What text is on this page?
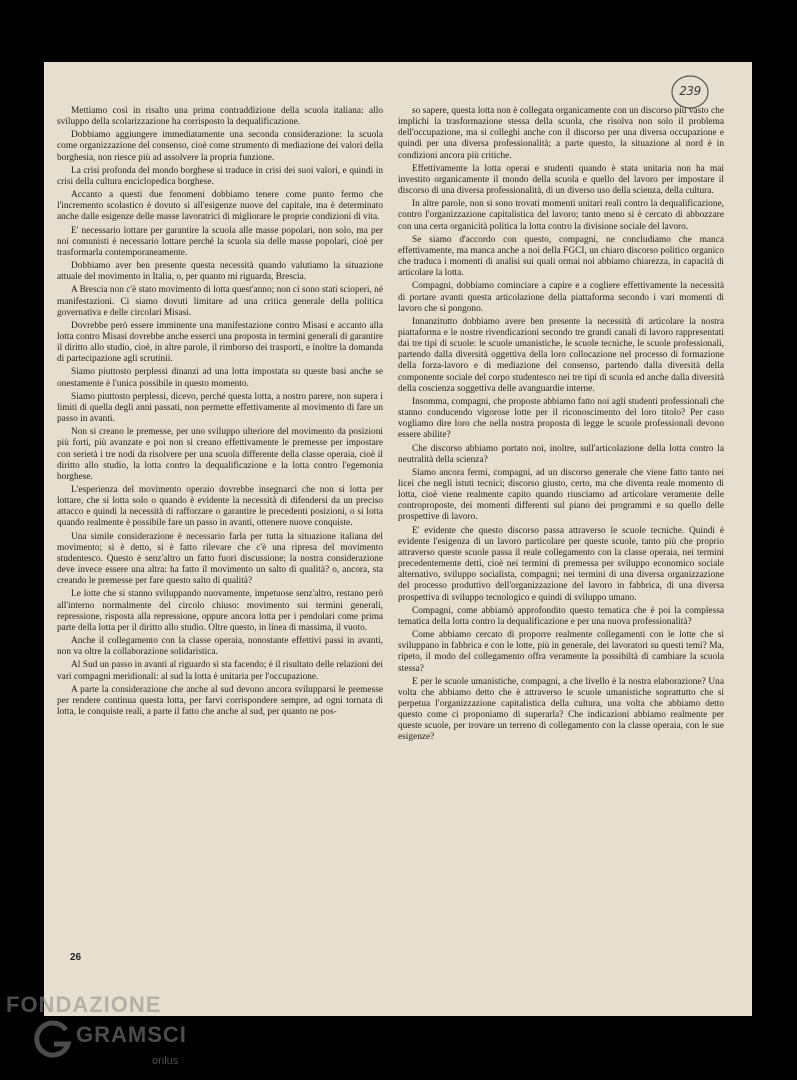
239

Mettiamo così in risalto una prima contraddizione della scuola italiana: allo sviluppo della scolarizzazione ha corrisposto la dequalificazione.

Dobbiamo aggiungere immediatamente una seconda considerazione: la scuola come organizzazione del consenso, cioè come strumento di mediazione dei valori della borghesia, non riesce più ad assolvere la propria funzione.

La crisi profonda del mondo borghese si traduce in crisi dei suoi valori, e quindi in crisi della cultura enciclopedica borghese.

Accanto a questi due fenomeni dobbiamo tenere come punto fermo che l'incremento scolastico è dovuto sì all'esigenze nuove del capitale, ma è determinato anche dalle esigenze delle masse lavoratrici di migliorare le proprie condizioni di vita.

E' necessario lottare per garantire la scuola alle masse popolari, non solo, ma per noi comunisti è necessario lottare perché la scuola sia delle masse popolari, cioè per trasformarla contemporaneamente.

Dobbiamo aver ben presente questa necessità quando valutiamo la situazione attuale del movimento in Italia, o, per quanto mi riguarda, Brescia.

A Brescia non c'è stato movimento di lotta quest'anno; non ci sono stati scioperi, né manifestazioni. Ci siamo dovuti limitare ad una critica generale della politica governativa e delle circolari Misasi.

Dovrebbe però essere imminente una manifestazione contro Misasi e accanto alla lotta contro Misasi dovrebbe anche esserci una proposta in termini generali di garantire il diritto allo studio, cioè, in altre parole, il rimborso dei trasporti, e inoltre la domanda di partecipazione agli scrutinii.

Siamo piuttosto perplessi dinanzi ad una lotta impostata su queste basi anche se onestamente è l'unica possibile in questo momento.

Siamo piuttosto perplessi, dicevo, perché questa lotta, a nostro parere, non supera i limiti di quella degli anni passati, non permette effettivamente al movimento di fare un passo in avanti.

Non si creano le premesse, per uno sviluppo ulteriore del movimento da posizioni più forti, più avanzate e poi non si creano effettivamente le premesse per impostare con serietà i tre nodi da risolvere per una scuola differente della classe operaia, cioè il diritto allo studio, la lotta contro la dequalificazione e la lotta contro l'egemonia borghese.

L'esperienza del movimento operaio dovrebbe insegnarci che non si lotta per lottare, che si lotta solo o quando è evidente la necessità di difendersi da un preciso attacco e quindi la necessità di rafforzare o garantire le precedenti posizioni, o si lotta quando realmente è possibile fare un passo in avanti, ottenere nuove conquiste.

Una simile considerazione è necessario farla per tutta la situazione italiana del movimento; si è detto, si è fatto rilevare che c'è una ripresa del movimento studentesco. Questo è senz'altro un fatto fuori discussione; la nostra considerazione deve invece essere una altra: ha fatto il movimento un salto di qualità? o, ancora, sta creando le premesse per fare questo salto di qualità?

Le lotte che si stanno sviluppando nuovamente, impetuose senz'altro, restano però all'interno normalmente del circolo chiuso: movimento sui termini generali, repressione, risposta alla repressione, oppure ancora lotta per i pendolari come prima parte della lotta per il diritto allo studio. Oltre questo, in linea di massima, il vuoto.

Anche il collegamento con la classe operaia, nonostante effettivi passi in avanti, non va oltre la collaborazione solidaristica.

Al Sud un passo in avanti al riguardo si sta facendo; è il risultato delle relazioni dei vari compagni meridionali: al sud la lotta è unitaria per l'occupazione.

A parte la considerazione che anche al sud devono ancora svilupparsi le premesse per rendere continua questa lotta, per farvi corrispondere sempre, ad ogni tornata di lotta, le conquiste reali, a parte il fatto che anche al sud, per quanto ne pos-

so sapere, questa lotta non è collegata organicamente con un discorso più vasto che implichi la trasformazione stessa della scuola, che risolva non solo il problema dell'occupazione, ma si colleghi anche con il discorso per una diversa occupazione e quindi per una diversa professionalità; a parte questo, la situazione al nord è in condizioni ancora più critiche.

Effettivamente la lotta operai e studenti quando è stata unitaria non ha mai investito organicamente il mondo della scuola e quello del lavoro per impostare il discorso di una diversa professionalità, di un diverso uso della scienza, della cultura.

In altre parole, non si sono trovati momenti unitari reali contro la dequalificazione, contro l'organizzazione capitalistica del lavoro; tanto meno si è cercato di abbozzare con una certa organicità politica la lotta contro la divisione sociale del lavoro.

Se siamo d'accordo con questo, compagni, ne concludiamo che manca effettivamente, ma manca anche a noi della FGCI, un chiaro discorso politico organico che traduca i momenti di analisi sui quali ormai noi abbiamo chiarezza, in capacità di articolare la lotta.

Compagni, dobbiamo cominciare a capire e a cogliere effettivamente la necessità di portare avanti questa articolazione della piattaforma secondo i vari momenti di lavoro che si pongono.

Innanzitutto dobbiamo avere ben presente la necessità di articolare la nostra piattaforma e le nostre rivendicazioni secondo tre grandi canali di lavoro rappresentati dai tre tipi di scuole: le scuole umanistiche, le scuole tecniche, le scuole professionali, partendo dalla diversità oggettiva della loro collocazione nel processo di formazione della forza-lavoro e di mediazione del consenso, partendo dalla diversità della componente sociale del corpo studentesco nei tre tipi di scuola ed anche dalla diversità della coscienza soggettiva delle avanguardie interne.

Insomma, compagni, che proposte abbiamo fatto noi agli studenti professionali che stanno conducendo vigorose lotte per il riconoscimento del loro titolo? Per caso vogliamo dire loro che nella nostra proposta di legge le scuole professionali devono essere abilite?

Che discorso abbiamo portato noi, inoltre, sull'articolazione della lotta contro la neutralità della scienza?

Siamo ancora fermi, compagni, ad un discorso generale che viene fatto tanto nei licei che negli istuti tecnici; discorso giusto, certo, ma che diventa reale momento di lotta, cioè viene realmente capito quando riusciamo ad articolare veramente delle controproposte, dei momenti differenti sul piano dei programmi e su quello delle prospettive di lavoro.

E' evidente che questo discorso passa attraverso le scuole tecniche. Quindi è evidente l'esigenza di un lavoro particolare per queste scuole, tanto più che proprio attraverso queste scuole passa il reale collegamento con la classe operaia, nei termini precedentemente detti, cioè nei termini di premessa per sviluppo economico sociale alternativo, sviluppo socialista, compagni; nei termini di una diversa organizzazione del processo produttivo dell'organizzazione del lavoro in fabbrica, di una diversa prospettiva di sviluppo tecnologico e quindi di sviluppo umano.

Compagni, come abbiamò approfondito questo tematica che è poi la complessa tematica della lotta contro la dequalificazione e per una nuova professionalità?

Come abbiamo cercato di proporre realmente collegamenti con le lotte che si sviluppano in fabbrica e con le lotte, più in generale, dei lavoratori su questi temi? Ma, ripeto, il modo del collegamento offra veramente la possibiltà di cambiare la scuola stessa?

E per le scuole umanistiche, compagni, a che livello è la nostra elaborazione? Una volta che abbiamo detto che è attraverso le scuole umanistiche soprattutto che si perpetua l'organizzazione capitalistica della cultura, una volta che abbiamo detto questo come ci proponiamo di superarla? Che indicazioni abbiamo realmente per queste scuole, per trovare un terreno di collegamento con la classe operaia, con le sue esigenze?

26
FONDAZIONE
GRAMSCI
onlus
